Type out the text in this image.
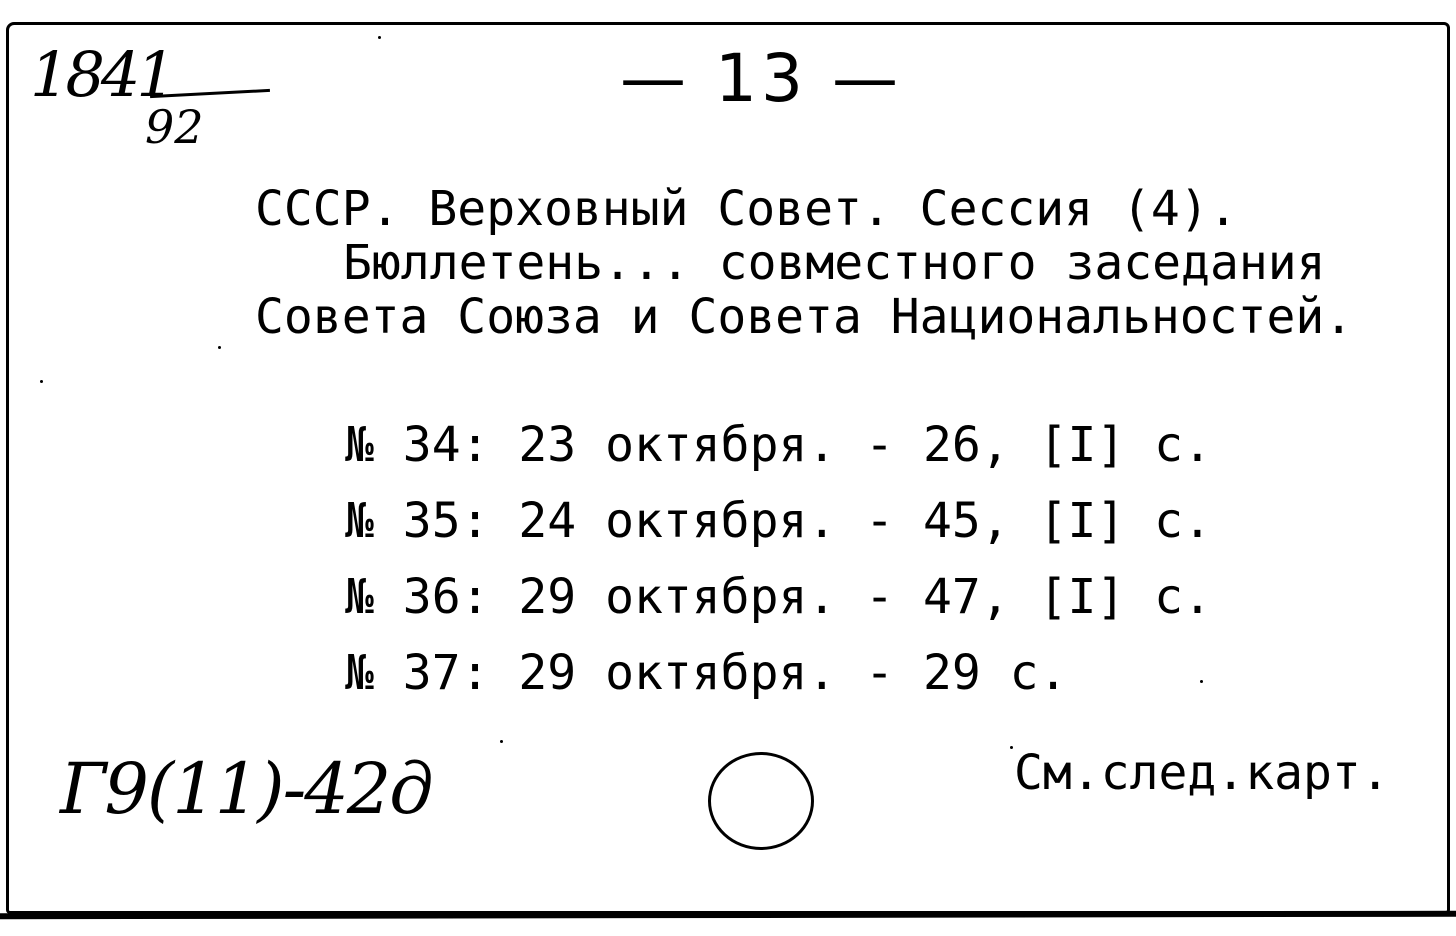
1841
92
— 13 —
СССР. Верховный Совет. Сессия (4).
Бюллетень... совместного заседания
Совета Союза и Совета Национальностей.
№ 34: 23 октября. - 26, [I] с.
№ 35: 24 октября. - 45, [I] с.
№ 36: 29 октября. - 47, [I] с.
№ 37: 29 октября. - 29 с.
Г9(11)-42д	См.след.карт.
